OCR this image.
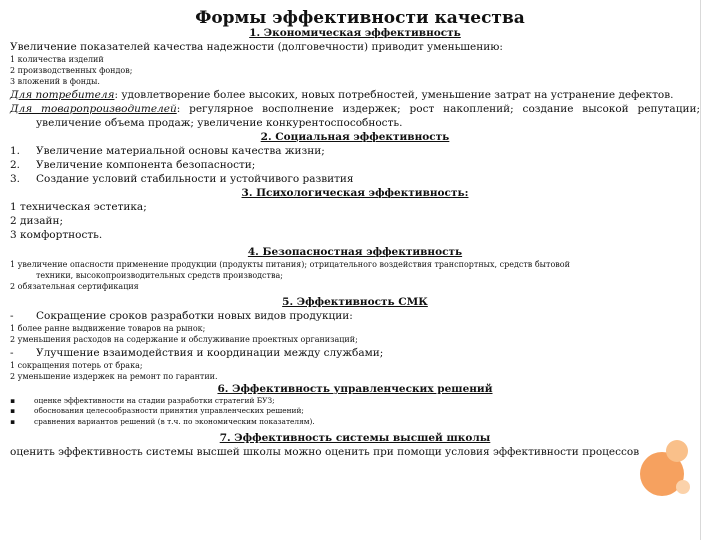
Формы эффективности качества
1. Экономическая эффективность
Увеличение показателей качества надежности (долговечности) приводит уменьшению:
1 количества изделий
2 производственных фондов;
3 вложений в фонды.
Для потребителя: удовлетворение более высоких, новых потребностей, уменьшение затрат на устранение дефектов.
Для товаропроизводителей: регулярное восполнение издержек; рост накоплений; создание высокой репутации;
увеличение объема продаж; увеличение конкурентоспособность.
2. Социальная эффективность
1. Увеличение материальной основы качества жизни;
2. Увеличение компонента безопасности;
3. Создание условий стабильности и устойчивого развития
3. Психологическая эффективность:
1 техническая эстетика;
2 дизайн;
3 комфортность.
4. Безопасностная эффективность
1 увеличение опасности применение продукции (продукты питания); отрицательного воздействия транспортных, средств бытовой
техники, высокопроизводительных средств производства;
2 обязательная сертификация
5. Эффективность СМК
- Сокращение сроков разработки новых видов продукции:
1 более ранне выдвижение товаров на рынок;
2 уменьшения расходов на содержание и обслуживание проектных организаций;
- Улучшение взаимодействия и координации между службами;
1 сокращения потерь от брака;
2 уменьшение издержек на ремонт по гарантии.
6. Эффективность управленческих решений
▪	оценке эффективности на стадии разработки стратегий БУЗ;
▪	обоснования целесообразности принятия управленческих решений;
▪	сравнения вариантов решений (в т.ч. по экономическим показателям).
7. Эффективность системы высшей школы
оценить эффективность системы высшей школы можно оценить при помощи условия эффективности процессов
